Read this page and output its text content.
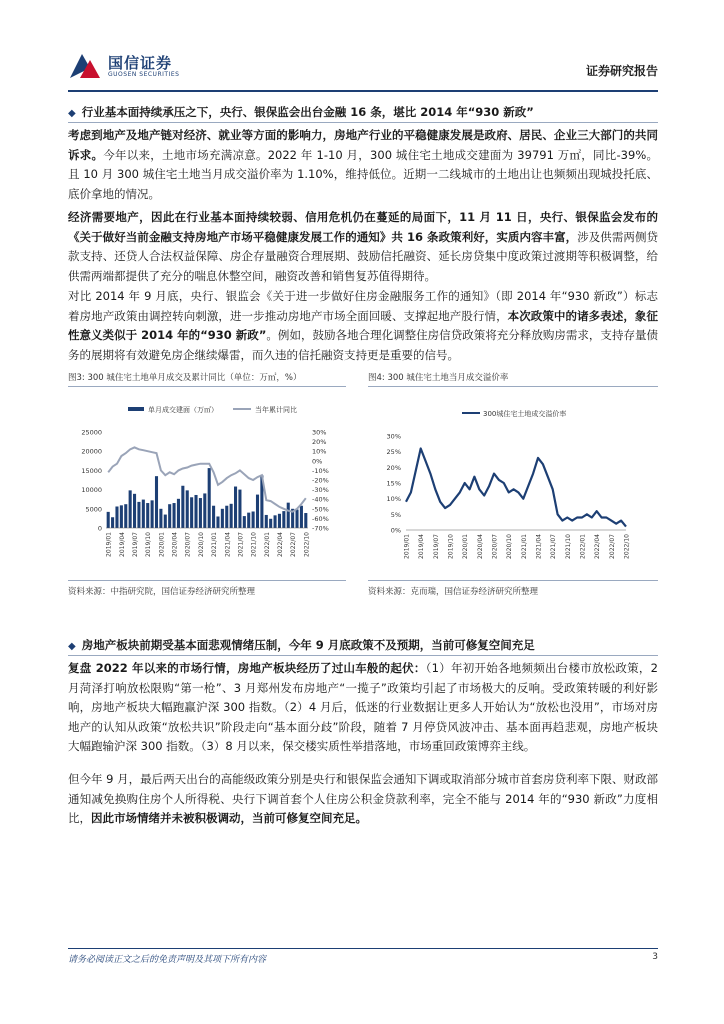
国信证券
GUOSEN SECURITIES	证券研究报告
◆ 行业基本面持续承压之下，央行、银保监会出台金融 16 条，堪比 2014 年“930 新政”
考虑到地产及地产链对经济、就业等方面的影响力，房地产行业的平稳健康发展是政府、居民、企业三大部门的共同诉求。今年以来，土地市场充满凉意。2022 年 1-10 月，300 城住宅土地成交建面为 39791 万㎡，同比-39%。且 10 月 300 城住宅土地当月成交溢价率为 1.10%，维持低位。近期一二线城市的土地出让也频频出现城投托底、底价拿地的情况。
经济需要地产，因此在行业基本面持续较弱、信用危机仍在蔓延的局面下，11 月 11 日，央行、银保监会发布的《关于做好当前金融支持房地产市场平稳健康发展工作的通知》共 16 条政策利好，实质内容丰富，涉及供需两侧贷款支持、还贷人合法权益保障、房企存量融资合理展期、鼓励信托融资、延长房贷集中度政策过渡期等积极调整，给供需两端都提供了充分的喘息休整空间，融资改善和销售复苏值得期待。
对比 2014 年 9 月底，央行、银监会《关于进一步做好住房金融服务工作的通知》（即 2014 年“930 新政”）标志着房地产政策由调控转向刺激，进一步推动房地产市场全面回暖、支撑起地产股行情，本次政策中的诸多表述，象征性意义类似于 2014 年的“930 新政”。例如，鼓励各地合理化调整住房信贷政策将充分释放购房需求，支持存量债务的展期将有效避免房企继续爆雷，而久违的信托融资支持更是重要的信号。
图3: 300 城住宅土地单月成交及累计同比（单位：万㎡，%）
单月成交建面（万㎡）	当年累计同比
0
5000
10000
15000
20000
25000	30%
20%
10%
0%
-10%
-20%
-30%
-40%
-50%
-60%
-70%
2019/01 2019/04 2019/07 2019/10 2020/01 2020/04 2020/07 2020/10 2021/01 2021/04 2021/07 2021/10 2022/01 2022/04 2022/07 2022/10
资料来源：中指研究院，国信证券经济研究所整理
图4: 300 城住宅土地当月成交溢价率
300城住宅土地成交溢价率
0%
5%
10%
15%
20%
25%
30%
2019/01 2019/04 2019/07 2019/10 2020/01 2020/04 2020/07 2020/10 2021/01 2021/04 2021/07 2021/10 2022/01 2022/04 2022/07 2022/10
资料来源：克而瑞，国信证券经济研究所整理
◆ 房地产板块前期受基本面悲观情绪压制，今年 9 月底政策不及预期，当前可修复空间充足
复盘 2022 年以来的市场行情，房地产板块经历了过山车般的起伏：（1）年初开始各地频频出台楼市放松政策，2 月菏泽打响放松限购“第一枪”、3 月郑州发布房地产“一揽子”政策均引起了市场极大的反响。受政策转暖的利好影响，房地产板块大幅跑赢沪深 300 指数。（2）4 月后，低迷的行业数据让更多人开始认为“放松也没用”，市场对房地产的认知从政策“放松共识”阶段走向“基本面分歧”阶段，随着 7 月停贷风波冲击、基本面再趋悲观，房地产板块大幅跑输沪深 300 指数。（3）8 月以来，保交楼实质性举措落地，市场重回政策博弈主线。
但今年 9 月，最后两天出台的高能级政策分别是央行和银保监会通知下调或取消部分城市首套房贷利率下限、财政部通知减免换购住房个人所得税、央行下调首套个人住房公积金贷款利率，完全不能与 2014 年的“930 新政”力度相比，因此市场情绪并未被积极调动，当前可修复空间充足。
请务必阅读正文之后的免责声明及其项下所有内容	3
